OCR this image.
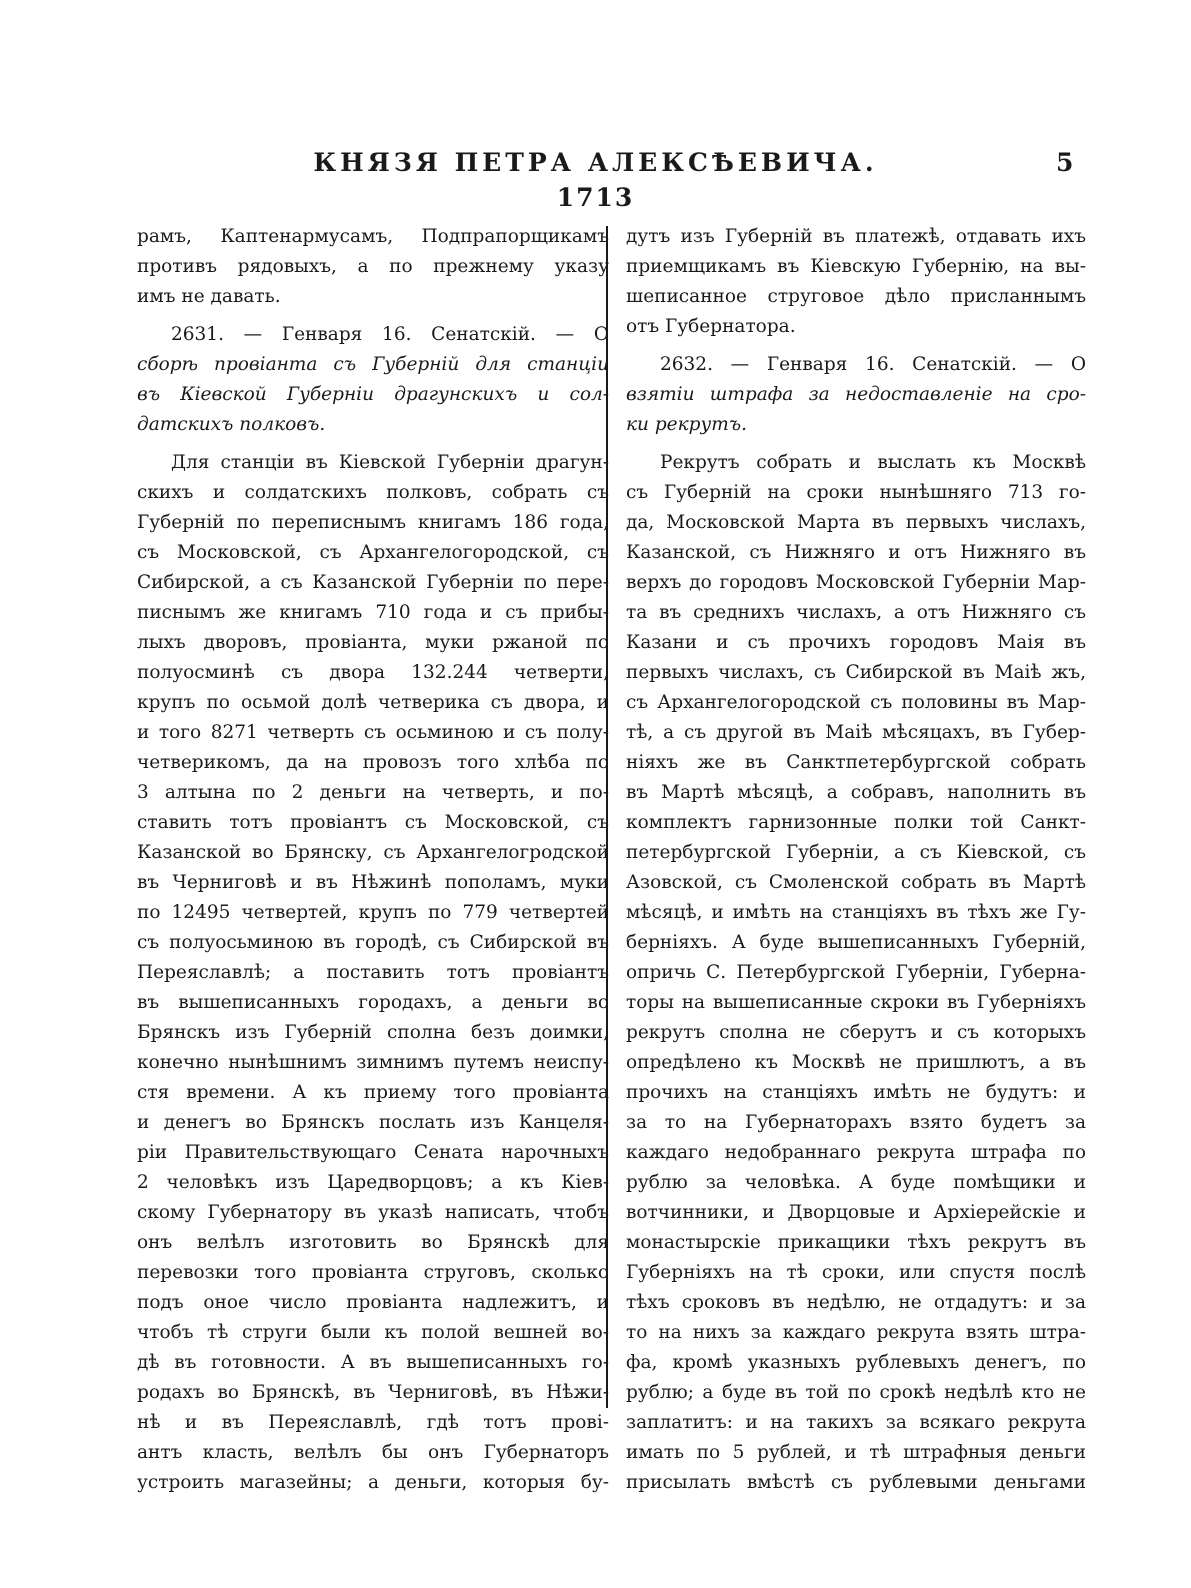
КНЯЗЯ ПЕТРА АЛЕКСѢЕВИЧА.	5
1713
рамъ, Каптенармусамъ, Подпрапорщикамъ
противъ рядовыхъ, а по прежнему указу
имъ не давать.
2631. — Генваря 16. Сенатскій. — О
сборѣ провіанта съ Губерній для станціи
въ Кіевской Губерніи драгунскихъ и сол-
датскихъ полковъ.
Для станціи въ Кіевской Губерніи драгун-
скихъ и солдатскихъ полковъ, собрать съ
Губерній по переписнымъ книгамъ 186 года,
съ Московской, съ Архангелогородской, съ
Сибирской, а съ Казанской Губерніи по пере-
писнымъ же книгамъ 710 года и съ прибы-
лыхъ дворовъ, провіанта, муки ржаной по
полуосминѣ съ двора 132.244 четверти,
крупъ по осьмой долѣ четверика съ двора, и
и того 8271 четверть съ осьминою и съ полу-
четверикомъ, да на провозъ того хлѣба по
3 алтына по 2 деньги на четверть, и по-
ставить тотъ провіантъ съ Московской, съ
Казанской во Брянску, съ Архангелогродской
въ Черниговѣ и въ Нѣжинѣ пополамъ, муки
по 12495 четвертей, крупъ по 779 четвертей
съ полуосьминою въ городѣ, съ Сибирской въ
Переяславлѣ; а поставить тотъ провіантъ
въ вышеписанныхъ городахъ, а деньги во
Брянскъ изъ Губерній сполна безъ доимки,
конечно нынѣшнимъ зимнимъ путемъ неиспу-
стя времени. А къ приему того провіанта
и денегъ во Брянскъ послать изъ Канцеля-
ріи Правительствующаго Сената нарочныхъ
2 человѣкъ изъ Царедворцовъ; а къ Кіев-
скому Губернатору въ указѣ написать, чтобъ
онъ велѣлъ изготовить во Брянскѣ для
перевозки того провіанта струговъ, сколько
подъ оное число провіанта надлежитъ, и
чтобъ тѣ струги были къ полой вешней во-
дѣ въ готовности. А въ вышеписанныхъ го-
родахъ во Брянскѣ, въ Черниговѣ, въ Нѣжи-
нѣ и въ Переяславлѣ, гдѣ тотъ прові-
антъ класть, велѣлъ бы онъ Губернаторъ
устроить магазейны; а деньги, которыя бу-
дутъ изъ Губерній въ платежѣ, отдавать ихъ
приемщикамъ въ Кіевскую Губернію, на вы-
шеписанное струговое дѣло присланнымъ
отъ Губернатора.
2632. — Генваря 16. Сенатскій. — О
взятіи штрафа за недоставленіе на сро-
ки рекрутъ.
Рекрутъ собрать и выслать къ Москвѣ
съ Губерній на сроки нынѣшняго 713 го-
да, Московской Марта въ первыхъ числахъ,
Казанской, съ Нижняго и отъ Нижняго въ
верхъ до городовъ Московской Губерніи Мар-
та въ среднихъ числахъ, а отъ Нижняго съ
Казани и съ прочихъ городовъ Маія въ
первыхъ числахъ, съ Сибирской въ Маіѣ жъ,
съ Архангелогородской съ половины въ Мар-
тѣ, а съ другой въ Маіѣ мѣсяцахъ, въ Губер-
ніяхъ же въ Санктпетербургской собрать
въ Мартѣ мѣсяцѣ, а собравъ, наполнить въ
комплектъ гарнизонные полки той Санкт-
петербургской Губерніи, а съ Кіевской, съ
Азовской, съ Смоленской собрать въ Мартѣ
мѣсяцѣ, и имѣть на станціяхъ въ тѣхъ же Гу-
берніяхъ. А буде вышеписанныхъ Губерній,
опричь С. Петербургской Губерніи, Губерна-
торы на вышеписанные скроки въ Губерніяхъ
рекрутъ сполна не сберутъ и съ которыхъ
опредѣлено къ Москвѣ не пришлютъ, а въ
прочихъ на станціяхъ имѣть не будутъ: и
за то на Губернаторахъ взято будетъ за
каждаго недобраннаго рекрута штрафа по
рублю за человѣка. А буде помѣщики и
вотчинники, и Дворцовые и Архіерейскіе и
монастырскіе прикащики тѣхъ рекрутъ въ
Губерніяхъ на тѣ сроки, или спустя послѣ
тѣхъ сроковъ въ недѣлю, не отдадутъ: и за
то на нихъ за каждаго рекрута взять штра-
фа, кромѣ указныхъ рублевыхъ денегъ, по
рублю; а буде въ той по срокѣ недѣлѣ кто не
заплатитъ: и на такихъ за всякаго рекрута
имать по 5 рублей, и тѣ штрафныя деньги
присылать вмѣстѣ съ рублевыми деньгами
